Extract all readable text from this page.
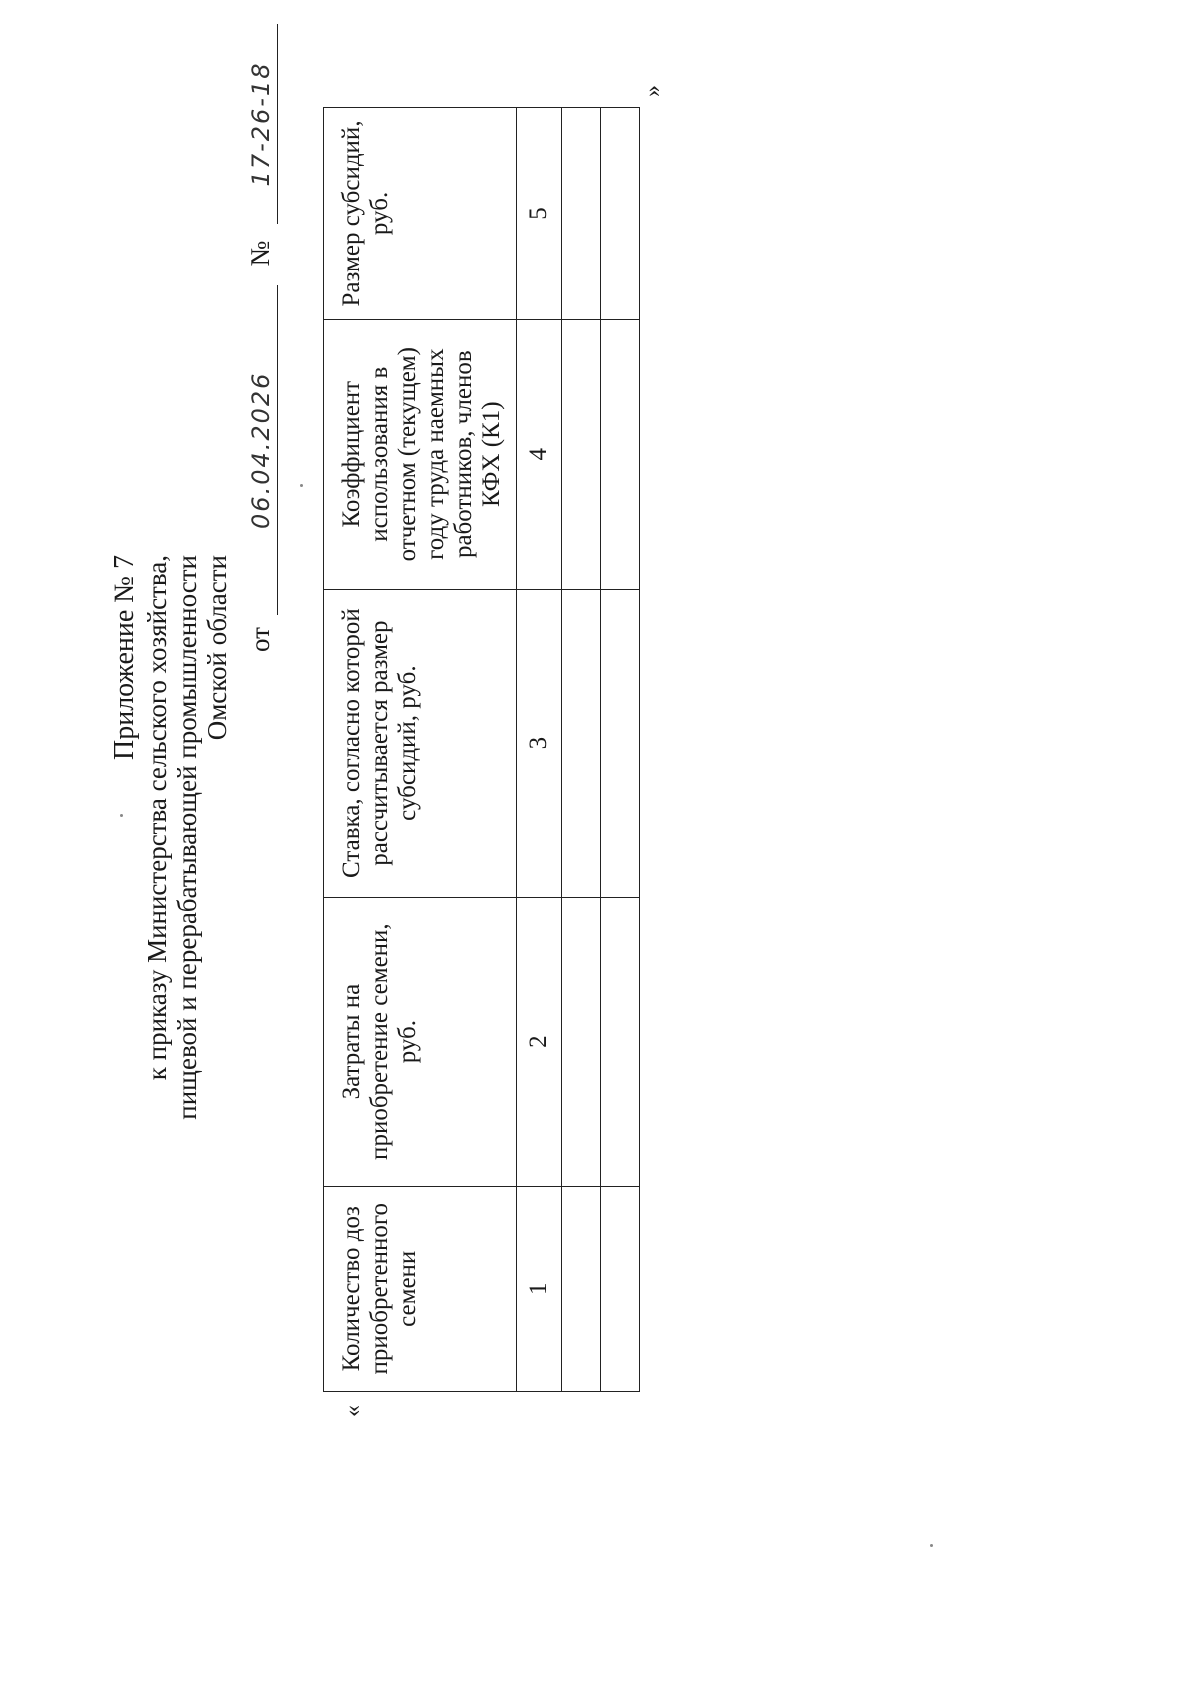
Приложение № 7 к приказу Министерства сельского хозяйства, пищевой и перерабатывающей промышленности Омской области от 06.04.2026 № 17-26-18
«
»
Количество доз приобретенного семени	Затраты на приобретение семени, руб.	Ставка, согласно которой рассчитывается размер субсидий, руб.	Коэффициент использования в отчетном (текущем) году труда наемных работников, членов КФХ (К1)	Размер субсидий, руб.
1	2	3	4	5
